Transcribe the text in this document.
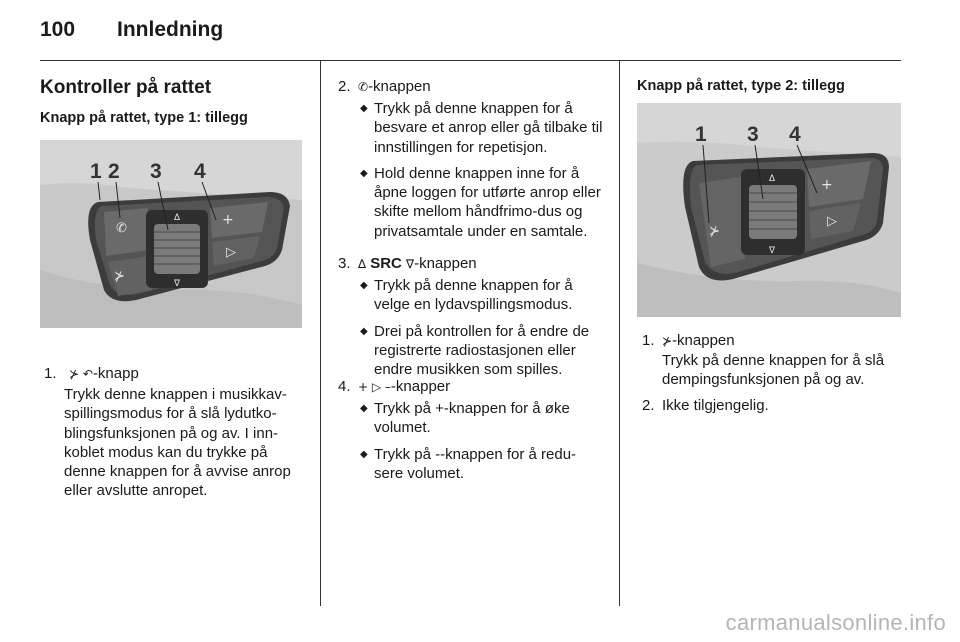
100 Innledning
Kontroller på rattet
Knapp på rattet, type 1: tillegg
✆
⊁
∆
∇
+
▷
1 2 3 4
1. ⊁ ↶-knapp
Trykk denne knappen i musikkav-spillingsmodus for å slå lydutko-blingsfunksjonen på og av. I inn-koblet modus kan du trykke på denne knappen for å avvise anrop eller avslutte anropet.
2. ✆-knappen
◆ Trykk på denne knappen for å besvare et anrop eller gå tilbake til innstillingen for repetisjon.
◆ Hold denne knappen inne for å åpne loggen for utførte anrop eller skifte mellom håndfrimo-dus og privatsamtale under en samtale.
3. ∆ SRC ∇-knappen
◆ Trykk på denne knappen for å velge en lydavspillingsmodus.
◆ Drei på kontrollen for å endre de registrerte radiostasjonen eller endre musikken som spilles.
4. + ▷ –-knapper
◆ Trykk på +-knappen for å øke volumet.
◆ Trykk på --knappen for å redu-sere volumet.
Knapp på rattet, type 2: tillegg
⊁
∆
∇
+
▷
1 3 4
1. ⊁-knappen
Trykk på denne knappen for å slå dempingsfunksjonen på og av.
2. Ikke tilgjengelig.
carmanualsonline.info
